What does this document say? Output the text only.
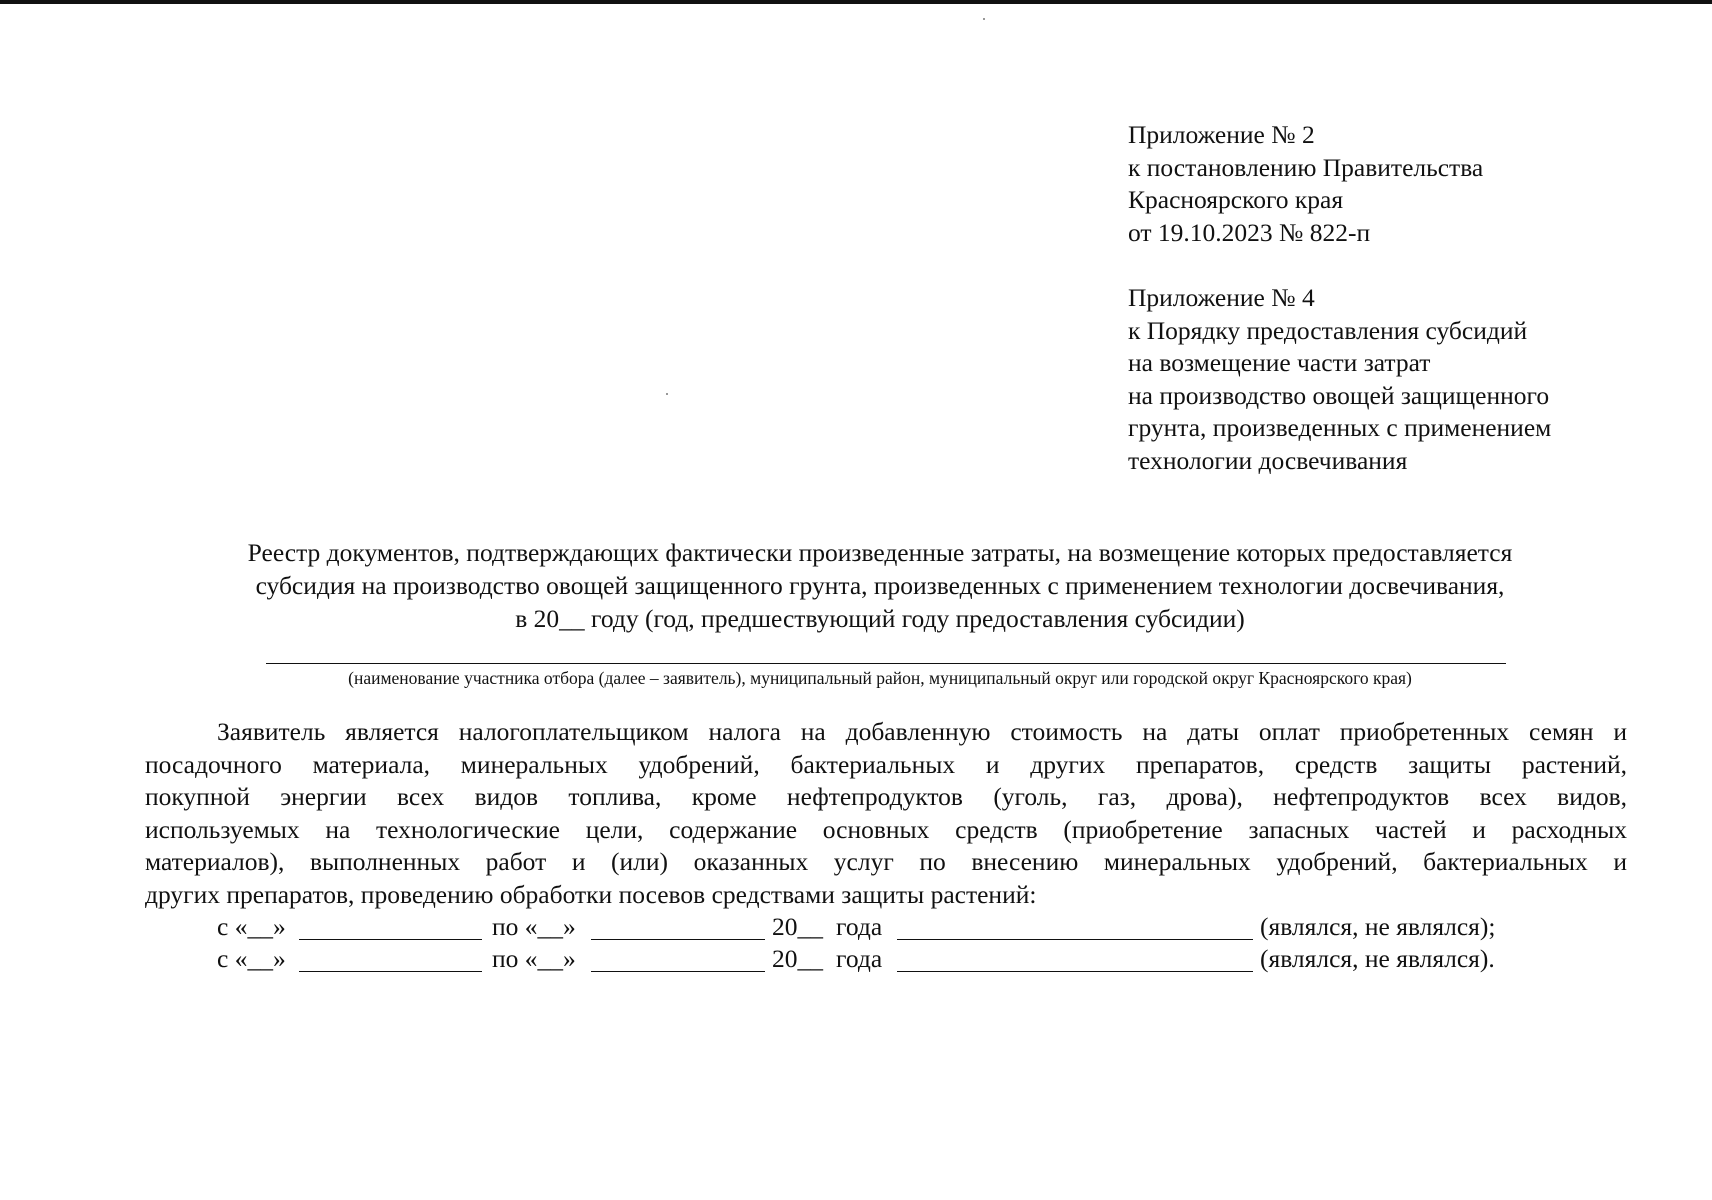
Приложение № 2
к постановлению Правительства
Красноярского края
от 19.10.2023 № 822-п
Приложение № 4
к Порядку предоставления субсидий
на возмещение части затрат
на производство овощей защищенного
грунта, произведенных с применением
технологии досвечивания
Реестр документов, подтверждающих фактически произведенные затраты, на возмещение которых предоставляется
субсидия на производство овощей защищенного грунта, произведенных с применением технологии досвечивания,
в 20__ году (год, предшествующий году предоставления субсидии)
(наименование участника отбора (далее – заявитель), муниципальный район, муниципальный округ или городской округ Красноярского края)
Заявитель является налогоплательщиком налога на добавленную стоимость на даты оплат приобретенных семян и
посадочного материала, минеральных удобрений, бактериальных и других препаратов, средств защиты растений,
покупной энергии всех видов топлива, кроме нефтепродуктов (уголь, газ, дрова), нефтепродуктов всех видов,
используемых на технологические цели, содержание основных средств (приобретение запасных частей и расходных
материалов), выполненных работ и (или) оказанных услуг по внесению минеральных удобрений, бактериальных и
других препаратов, проведению обработки посевов средствами защиты растений:
с «__»	по «__»	20__ года	(являлся, не являлся);
с «__»	по «__»	20__ года	(являлся, не являлся).
